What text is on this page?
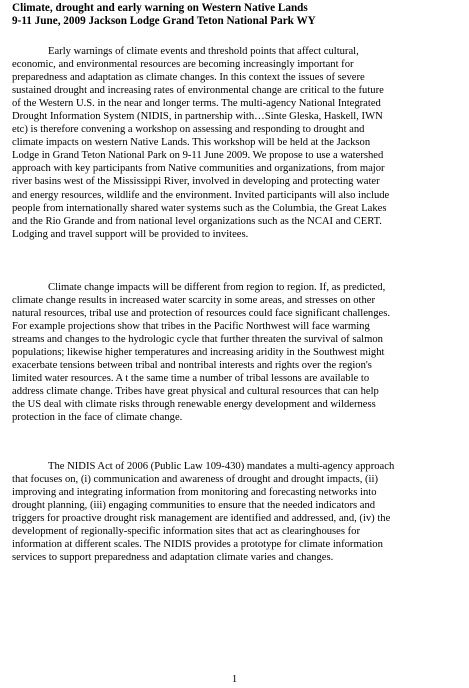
Climate, drought and early warning on Western Native Lands
9-11 June, 2009 Jackson Lodge Grand Teton National Park WY

Early warnings of climate events and threshold points that affect cultural,
economic, and environmental resources are becoming increasingly important for
preparedness and adaptation as climate changes. In this context the issues of severe
sustained drought and increasing rates of environmental change are critical to the future
of the Western U.S. in the near and longer terms. The multi-agency National Integrated
Drought Information System (NIDIS, in partnership with…Sinte Gleska, Haskell, IWN
etc) is therefore convening a workshop on assessing and responding to drought and
climate impacts on western Native Lands. This workshop will be held at the Jackson
Lodge in Grand Teton National Park on 9-11 June 2009. We propose to use a watershed
approach with key participants from Native communities and organizations, from major
river basins west of the Mississippi River, involved in developing and protecting water
and energy resources, wildlife and the environment. Invited participants will also include
people from internationally shared water systems such as the Columbia, the Great Lakes
and the Rio Grande and from national level organizations such as the NCAI and CERT.
Lodging and travel support will be provided to invitees.

Climate change impacts will be different from region to region. If, as predicted,
climate change results in increased water scarcity in some areas, and stresses on other
natural resources, tribal use and protection of resources could face significant challenges.
For example projections show that tribes in the Pacific Northwest will face warming
streams and changes to the hydrologic cycle that further threaten the survival of salmon
populations; likewise higher temperatures and increasing aridity in the Southwest might
exacerbate tensions between tribal and nontribal interests and rights over the region's
limited water resources. A t the same time a number of tribal lessons are available to
address climate change. Tribes have great physical and cultural resources that can help
the US deal with climate risks through renewable energy development and wilderness
protection in the face of climate change.

The NIDIS Act of 2006 (Public Law 109-430) mandates a multi-agency approach
that focuses on, (i) communication and awareness of drought and drought impacts, (ii)
improving and integrating information from monitoring and forecasting networks into
drought planning, (iii) engaging communities to ensure that the needed indicators and
triggers for proactive drought risk management are identified and addressed, and, (iv) the
development of regionally-specific information sites that act as clearinghouses for
information at different scales. The NIDIS provides a prototype for climate information
services to support preparedness and adaptation climate varies and changes.

1
